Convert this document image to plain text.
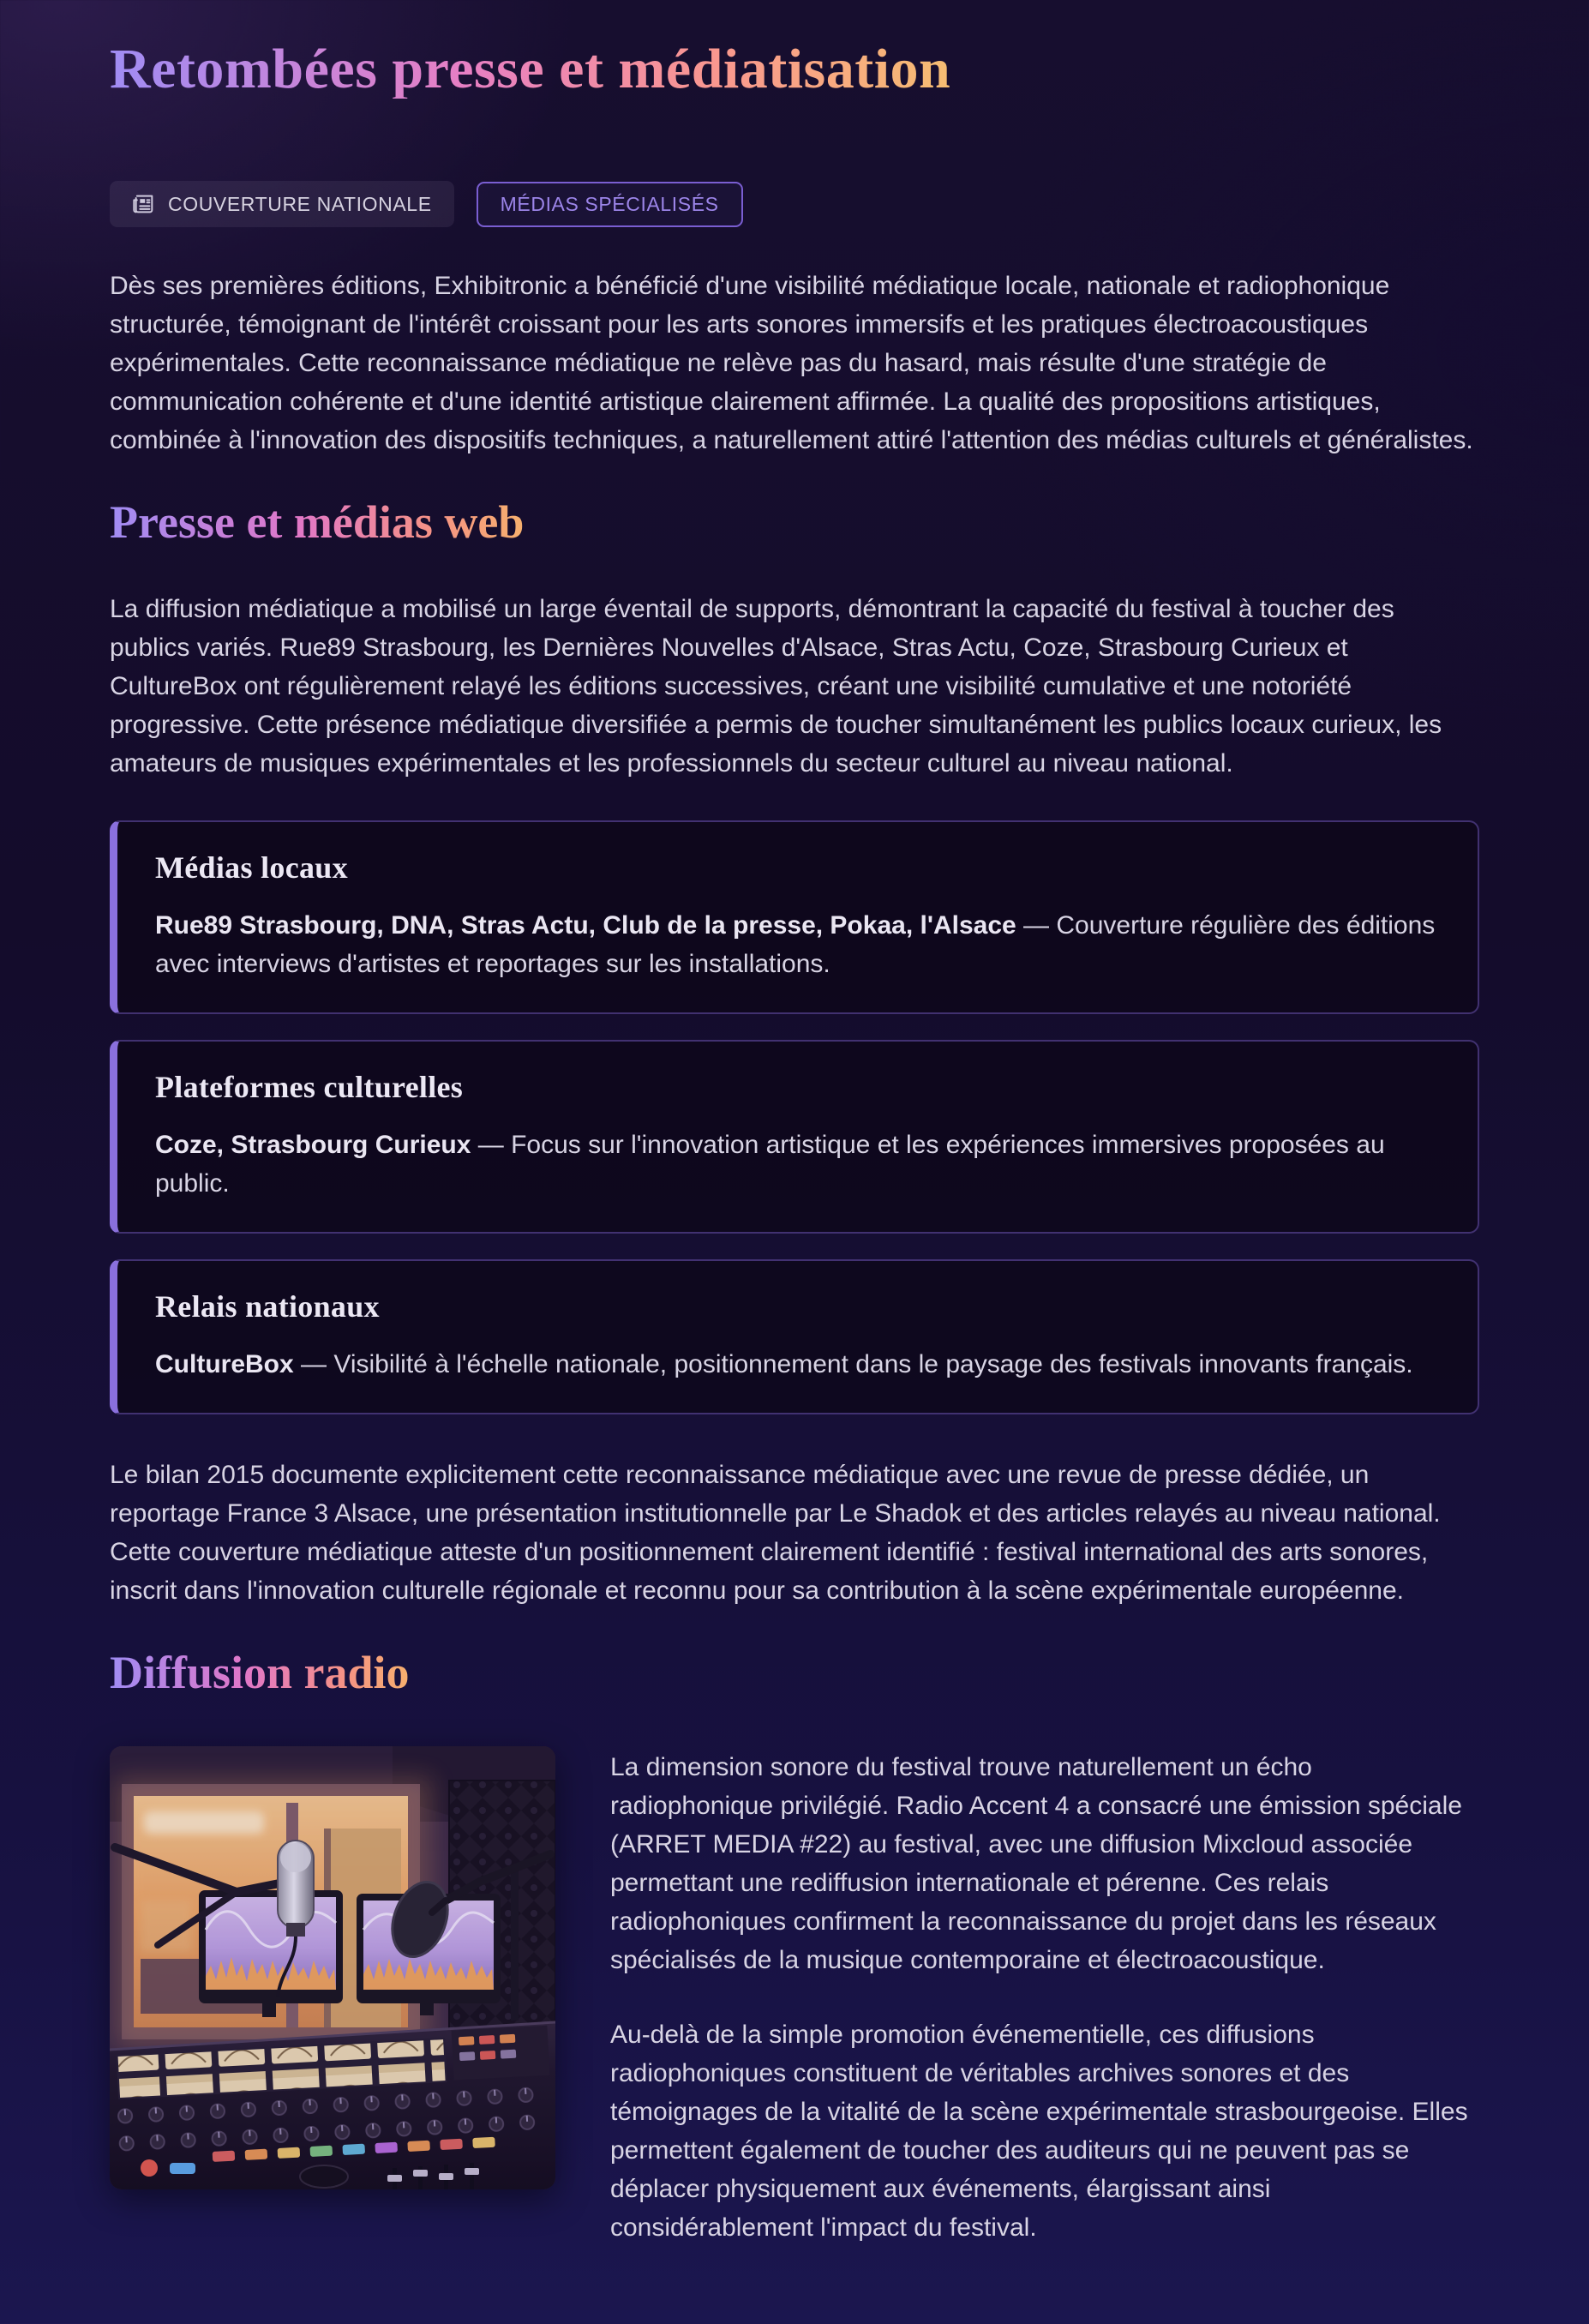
Retombées presse et médiatisation
COUVERTURE NATIONALE	MÉDIAS SPÉCIALISÉS

Dès ses premières éditions, Exhibitronic a bénéficié d'une visibilité médiatique locale, nationale et radiophonique structurée, témoignant de l'intérêt croissant pour les arts sonores immersifs et les pratiques électroacoustiques expérimentales. Cette reconnaissance médiatique ne relève pas du hasard, mais résulte d'une stratégie de communication cohérente et d'une identité artistique clairement affirmée. La qualité des propositions artistiques, combinée à l'innovation des dispositifs techniques, a naturellement attiré l'attention des médias culturels et généralistes.

Presse et médias web

La diffusion médiatique a mobilisé un large éventail de supports, démontrant la capacité du festival à toucher des publics variés. Rue89 Strasbourg, les Dernières Nouvelles d'Alsace, Stras Actu, Coze, Strasbourg Curieux et CultureBox ont régulièrement relayé les éditions successives, créant une visibilité cumulative et une notoriété progressive. Cette présence médiatique diversifiée a permis de toucher simultanément les publics locaux curieux, les amateurs de musiques expérimentales et les professionnels du secteur culturel au niveau national.

Médias locaux

Rue89 Strasbourg, DNA, Stras Actu, Club de la presse, Pokaa, l'Alsace — Couverture régulière des éditions avec interviews d'artistes et reportages sur les installations.

Plateformes culturelles

Coze, Strasbourg Curieux — Focus sur l'innovation artistique et les expériences immersives proposées au public.

Relais nationaux

CultureBox — Visibilité à l'échelle nationale, positionnement dans le paysage des festivals innovants français.

Le bilan 2015 documente explicitement cette reconnaissance médiatique avec une revue de presse dédiée, un reportage France 3 Alsace, une présentation institutionnelle par Le Shadok et des articles relayés au niveau national. Cette couverture médiatique atteste d'un positionnement clairement identifié : festival international des arts sonores, inscrit dans l'innovation culturelle régionale et reconnu pour sa contribution à la scène expérimentale européenne.

Diffusion radio

La dimension sonore du festival trouve naturellement un écho radiophonique privilégié. Radio Accent 4 a consacré une émission spéciale (ARRET MEDIA #22) au festival, avec une diffusion Mixcloud associée permettant une rediffusion internationale et pérenne. Ces relais radiophoniques confirment la reconnaissance du projet dans les réseaux spécialisés de la musique contemporaine et électroacoustique.

Au-delà de la simple promotion événementielle, ces diffusions radiophoniques constituent de véritables archives sonores et des témoignages de la vitalité de la scène expérimentale strasbourgeoise. Elles permettent également de toucher des auditeurs qui ne peuvent pas se déplacer physiquement aux événements, élargissant ainsi considérablement l'impact du festival.
